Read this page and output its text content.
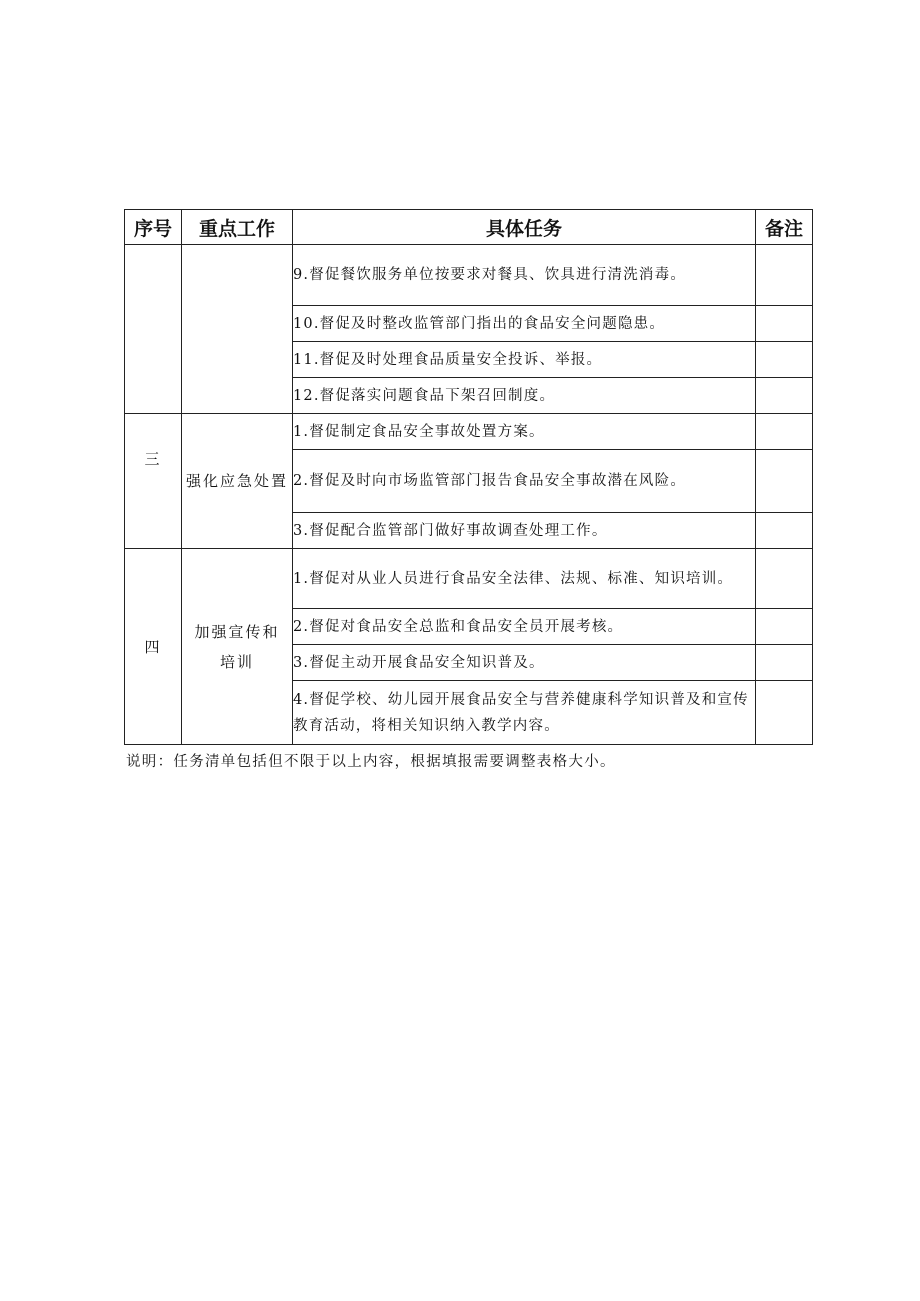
序号	重点工作	具体任务	备注
		9.督促餐饮服务单位按要求对餐具、饮具进行清洗消毒。	
		10.督促及时整改监管部门指出的食品安全问题隐患。	
		11.督促及时处理食品质量安全投诉、举报。	
		12.督促落实问题食品下架召回制度。	

三	强化应急处置	1.督促制定食品安全事故处置方案。	
		2.督促及时向市场监管部门报告食品安全事故潜在风险。	
		3.督促配合监管部门做好事故调查处理工作。	
四	加强宣传和培训	1.督促对从业人员进行食品安全法律、法规、标准、知识培训。	
		2.督促对食品安全总监和食品安全员开展考核。	
		3.督促主动开展食品安全知识普及。	
		4.督促学校、幼儿园开展食品安全与营养健康科学知识普及和宣传教育活动，将相关知识纳入教学内容。	
说明：任务清单包括但不限于以上内容，根据填报需要调整表格大小。
